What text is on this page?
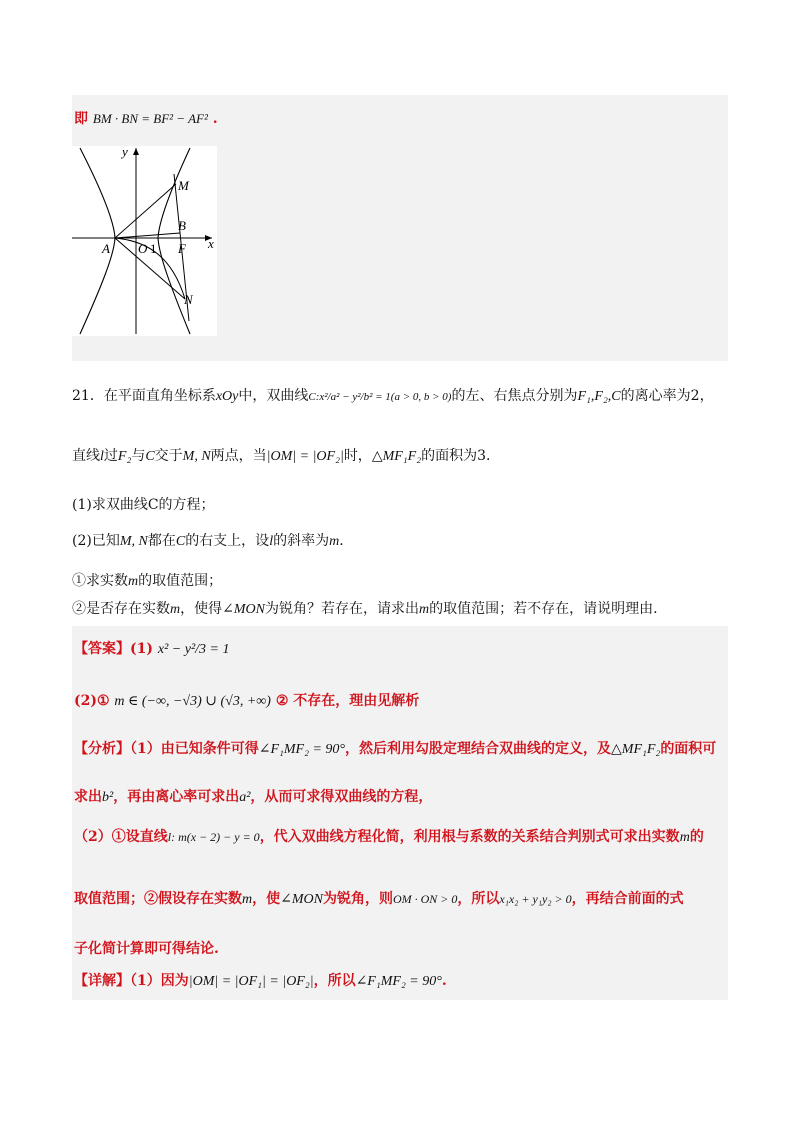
即 BM · BN = BF² − AF² .
y
M
B
A O 1 F x
N
21．在平面直角坐标系xOy中，双曲线C:x²/a² − y²/b² = 1(a > 0, b > 0)的左、右焦点分别为F₁,F₂,C的离心率为2，
直线l过F₂与C交于M, N两点，当|OM| = |OF₂|时，△MF₁F₂的面积为3.
(1)求双曲线C的方程；
(2)已知M, N都在C的右支上，设l的斜率为m.
①求实数m的取值范围；
②是否存在实数m，使得∠MON为锐角？若存在，请求出m的取值范围；若不存在，请说明理由.
【答案】(1) x² − y²/3 = 1
(2)① m ∈ (−∞, −√3) ∪ (√3, +∞) ② 不存在，理由见解析
【分析】（1）由已知条件可得∠F₁MF₂ = 90°，然后利用勾股定理结合双曲线的定义，及△MF₁F₂的面积可
求出b²，再由离心率可求出a²，从而可求得双曲线的方程，
（2）①设直线l: m(x − 2) − y = 0，代入双曲线方程化简，利用根与系数的关系结合判别式可求出实数m的
取值范围；②假设存在实数m，使∠MON为锐角，则OM · ON > 0，所以x₁x₂ + y₁y₂ > 0，再结合前面的式
子化简计算即可得结论.
【详解】（1）因为|OM| = |OF₁| = |OF₂|，所以∠F₁MF₂ = 90°.
